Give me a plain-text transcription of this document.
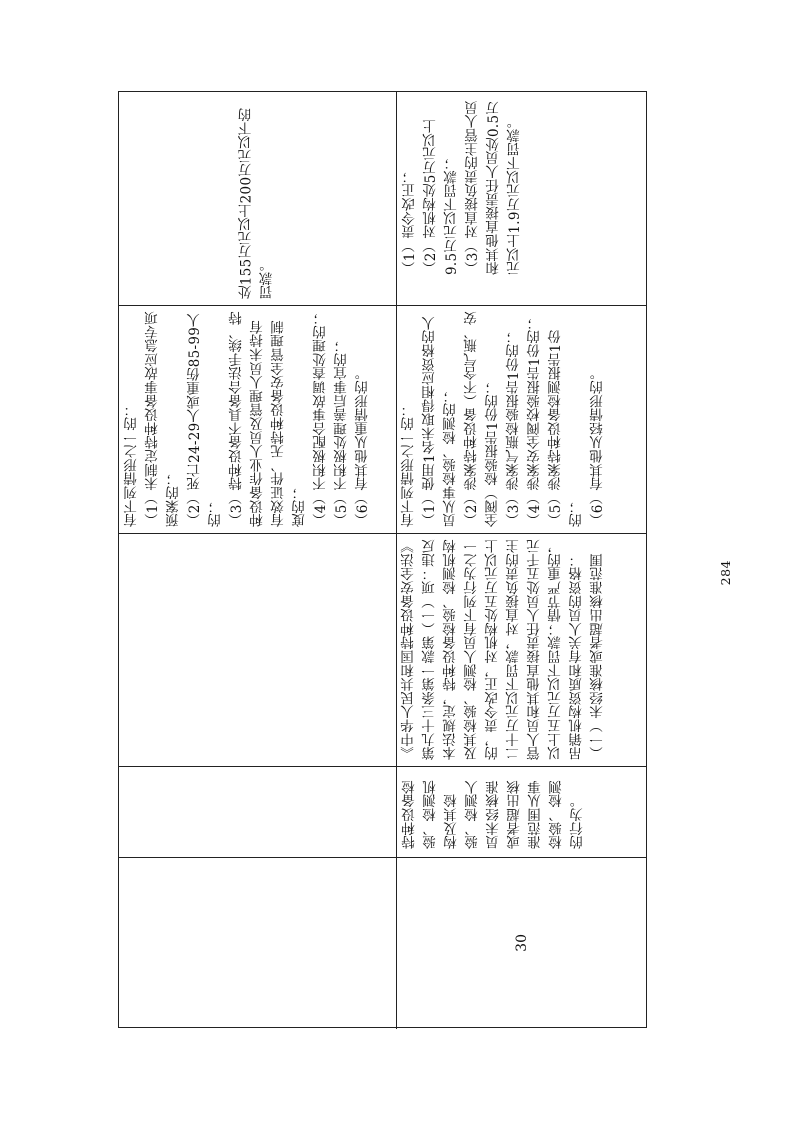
处155万元以上200万元以下的罚款。
有下列情形之一的： （1）未制定特种设备事故应急专项预案的； （2）死亡24-29人或重伤85-99人的； （3）特种设备不具备合法手续、特种设备作业人员及管理人员未持有有效证件、无特种设备安全管理制度的； （4）不积极配合事故调查处理的； （5）不积极处理善后事宜的； （6）有其他从重情形的。
（1）责令改正； （2）对机构处5万元以上9.5万元以下罚款； （3）对直接负责的主管人员和其他直接责任人员处0.5万元以上1.9万元以下罚款。
有下列情形之一的： （1）使用1名未取得相应资格的人员从事检验、检测的； （2）涉案特种设备（不含气瓶、安全阀）检验报告1份的； （3）涉案气瓶检验报告1份的； （4）涉案安全阀校验报告1份的； （5）涉案特种设备检测报告1份的； （6）有其他从轻情形的。
《中华人民共和国特种设备安全法》第九十三条第一款第（一）项：违反本法规定，特种设备检验、检测机构及其检验、检测人员有下列行为之一的，责令改正，对机构处五万元以上二十万元以下罚款，对直接负责的主管人员和其他直接责任人员处五千元以上五万元以下罚款；情节严重的，吊销机构资质和有关人员的资格：（一）未经核准或者超出核准范围
特种设备检验、检测机构及其检验、检测人员未经核准或者超出核准范围从事检验、检测的行为。
30
284
